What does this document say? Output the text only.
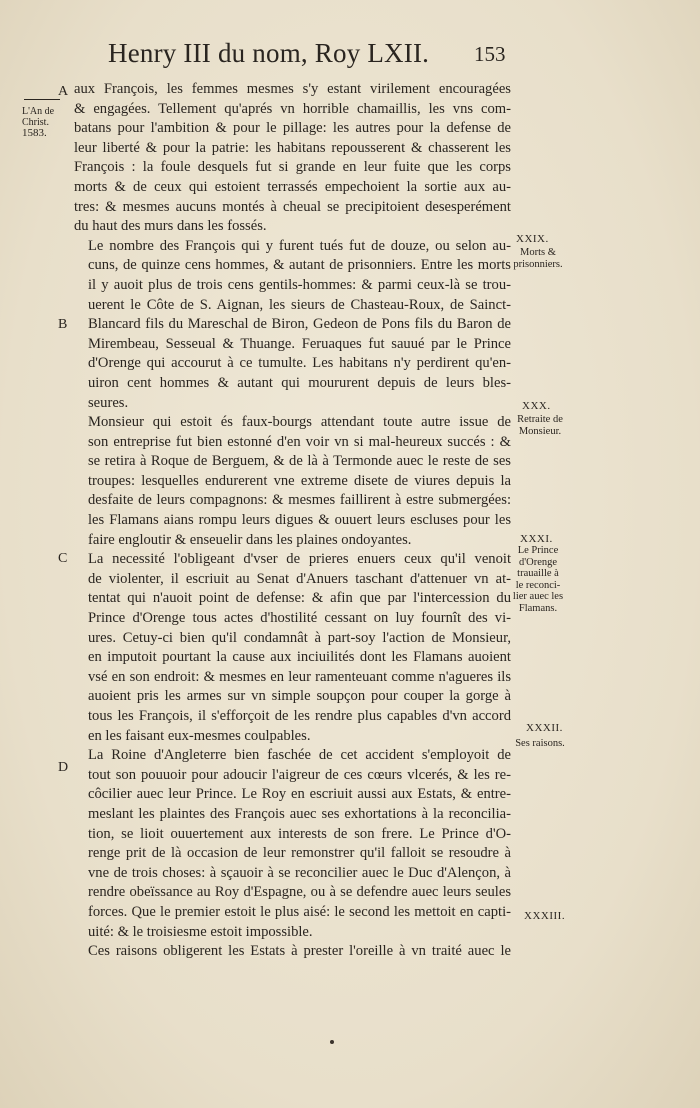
Henry III du nom, Roy LXII.	153
A
L'An de
Christ.
1583.
B
C
D

aux François, les femmes mesmes s'y estant virilement encouragées
& engagées. Tellement qu'aprés vn horrible chamaillis, les vns com-
batans pour l'ambition & pour le pillage: les autres pour la defense de
leur liberté & pour la patrie: les habitans repousserent & chasserent les
François : la foule desquels fut si grande en leur fuite que les corps
morts & de ceux qui estoient terrassés empechoient la sortie aux au-
tres: & mesmes aucuns montés à cheual se precipitoient desesperément
du haut des murs dans les fossés.

Le nombre des François qui y furent tués fut de douze, ou selon au-
cuns, de quinze cens hommes, & autant de prisonniers. Entre les morts
il y auoit plus de trois cens gentils-hommes: & parmi ceux-là se trou-
uerent le Côte de S. Aignan, les sieurs de Chasteau-Roux, de Sainct-
Blancard fils du Mareschal de Biron, Gedeon de Pons fils du Baron de
Mirembeau, Sesseual & Thuange. Feruaques fut sauué par le Prince
d'Orenge qui accourut à ce tumulte. Les habitans n'y perdirent qu'en-
uiron cent hommes & autant qui moururent depuis de leurs bles-
seures.

Monsieur qui estoit és faux-bourgs attendant toute autre issue de
son entreprise fut bien estonné d'en voir vn si mal-heureux succés : &
se retira à Roque de Berguem, & de là à Termonde auec le reste de ses
troupes: lesquelles endurerent vne extreme disete de viures depuis la
desfaite de leurs compagnons: & mesmes faillirent à estre submergées:
les Flamans aians rompu leurs digues & ouuert leurs escluses pour les
faire engloutir & enseuelir dans les plaines ondoyantes.

La necessité l'obligeant d'vser de prieres enuers ceux qu'il venoit
de violenter, il escriuit au Senat d'Anuers taschant d'attenuer vn at-
tentat qui n'auoit point de defense: & afin que par l'intercession du
Prince d'Orenge tous actes d'hostilité cessant on luy fournît des vi-
ures. Cetuy-ci bien qu'il condamnât à part-soy l'action de Monsieur,
en imputoit pourtant la cause aux inciuilités dont les Flamans auoient
vsé en son endroit: & mesmes en leur ramenteuant comme n'agueres ils
auoient pris les armes sur vn simple soupçon pour couper la gorge à
tous les François, il s'efforçoit de les rendre plus capables d'vn accord
en les faisant eux-mesmes coulpables.

La Roine d'Angleterre bien faschée de cet accident s'employoit de
tout son pouuoir pour adoucir l'aigreur de ces cœurs vlcerés, & les re-
côcilier auec leur Prince. Le Roy en escriuit aussi aux Estats, & entre-
meslant les plaintes des François auec ses exhortations à la reconcilia-
tion, se lioit ouuertement aux interests de son frere. Le Prince d'O-
renge prit de là occasion de leur remonstrer qu'il falloit se resoudre à
vne de trois choses: à sçauoir à se reconcilier auec le Duc d'Alençon, à
rendre obeïssance au Roy d'Espagne, ou à se defendre auec leurs seules
forces. Que le premier estoit le plus aisé: le second les mettoit en capti-
uité: & le troisiesme estoit impossible.

Ces raisons obligerent les Estats à prester l'oreille à vn traité auec le

XXIX.
Morts &
prisonniers.
XXX.
Retraite de
Monsieur.
XXXI.
Le Prince
d'Orenge
trauaille à
le reconci-
lier auec les
Flamans.
XXXII.
Ses raisons.
XXXIII.
